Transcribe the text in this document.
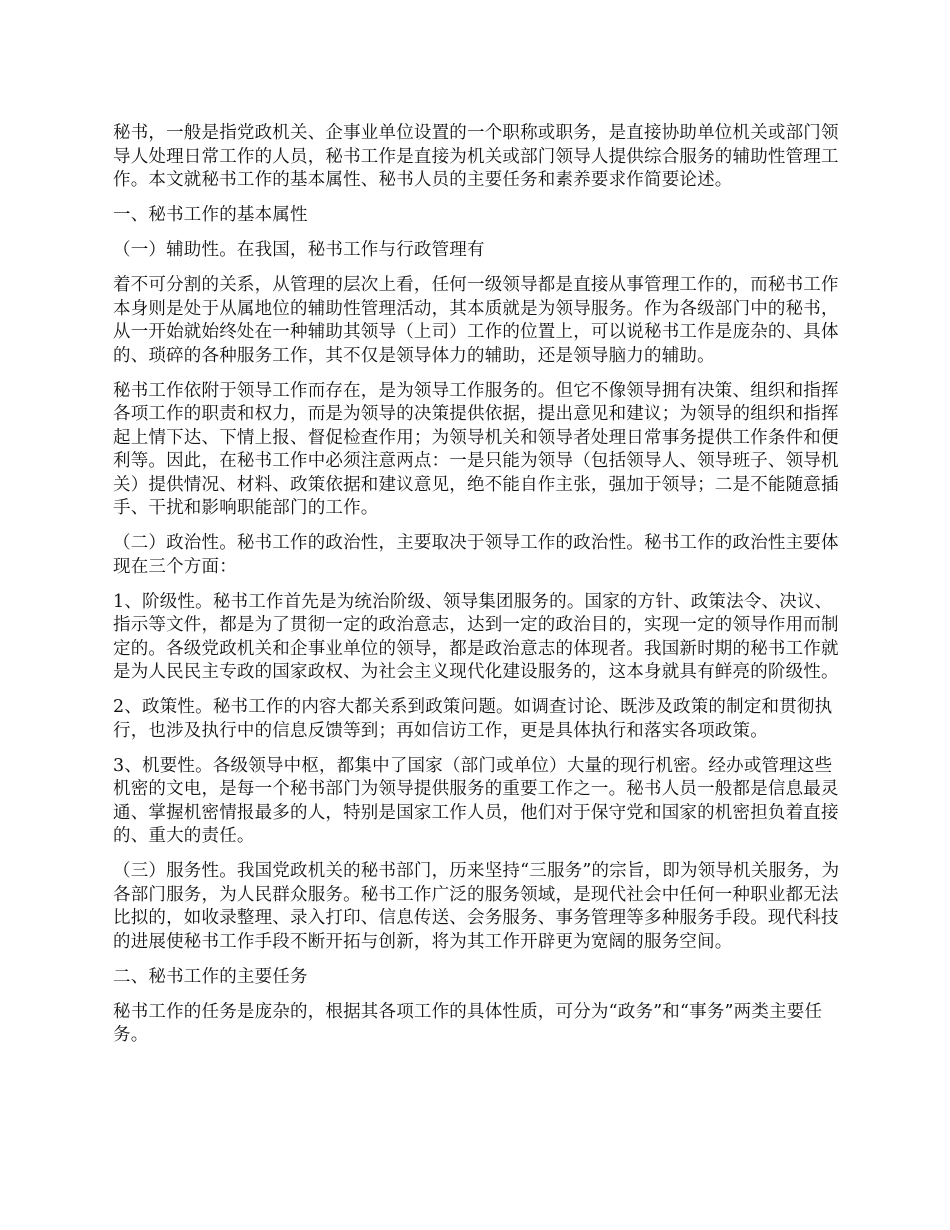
秘书，一般是指党政机关、企事业单位设置的一个职称或职务，是直接协助单位机关或部门领导人处理日常工作的人员，秘书工作是直接为机关或部门领导人提供综合服务的辅助性管理工作。本文就秘书工作的基本属性、秘书人员的主要任务和素养要求作简要论述。

一、秘书工作的基本属性

（一）辅助性。在我国，秘书工作与行政管理有

着不可分割的关系，从管理的层次上看，任何一级领导都是直接从事管理工作的，而秘书工作本身则是处于从属地位的辅助性管理活动，其本质就是为领导服务。作为各级部门中的秘书，从一开始就始终处在一种辅助其领导（上司）工作的位置上，可以说秘书工作是庞杂的、具体的、琐碎的各种服务工作，其不仅是领导体力的辅助，还是领导脑力的辅助。

秘书工作依附于领导工作而存在，是为领导工作服务的。但它不像领导拥有决策、组织和指挥各项工作的职责和权力，而是为领导的决策提供依据，提出意见和建议；为领导的组织和指挥起上情下达、下情上报、督促检查作用；为领导机关和领导者处理日常事务提供工作条件和便利等。因此，在秘书工作中必须注意两点：一是只能为领导（包括领导人、领导班子、领导机关）提供情况、材料、政策依据和建议意见，绝不能自作主张，强加于领导；二是不能随意插手、干扰和影响职能部门的工作。

（二）政治性。秘书工作的政治性，主要取决于领导工作的政治性。秘书工作的政治性主要体现在三个方面：

1、阶级性。秘书工作首先是为统治阶级、领导集团服务的。国家的方针、政策法令、决议、指示等文件，都是为了贯彻一定的政治意志，达到一定的政治目的，实现一定的领导作用而制定的。各级党政机关和企事业单位的领导，都是政治意志的体现者。我国新时期的秘书工作就是为人民民主专政的国家政权、为社会主义现代化建设服务的，这本身就具有鲜亮的阶级性。

2、政策性。秘书工作的内容大都关系到政策问题。如调查讨论、既涉及政策的制定和贯彻执行，也涉及执行中的信息反馈等到；再如信访工作，更是具体执行和落实各项政策。

3、机要性。各级领导中枢，都集中了国家（部门或单位）大量的现行机密。经办或管理这些机密的文电，是每一个秘书部门为领导提供服务的重要工作之一。秘书人员一般都是信息最灵通、掌握机密情报最多的人，特别是国家工作人员，他们对于保守党和国家的机密担负着直接的、重大的责任。

（三）服务性。我国党政机关的秘书部门，历来坚持“三服务”的宗旨，即为领导机关服务，为各部门服务，为人民群众服务。秘书工作广泛的服务领域，是现代社会中任何一种职业都无法比拟的，如收录整理、录入打印、信息传送、会务服务、事务管理等多种服务手段。现代科技的进展使秘书工作手段不断开拓与创新，将为其工作开辟更为宽阔的服务空间。

二、秘书工作的主要任务

秘书工作的任务是庞杂的，根据其各项工作的具体性质，可分为“政务”和“事务”两类主要任务。
